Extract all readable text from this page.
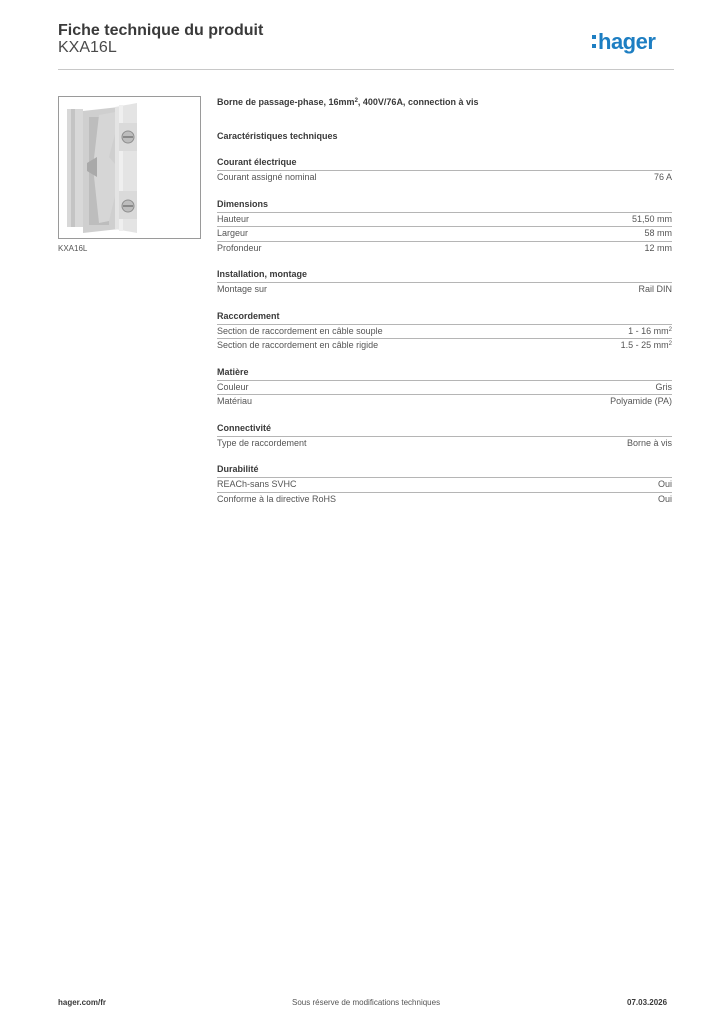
Fiche technique du produit
KXA16L	hager
KXA16L
Borne de passage-phase, $16mm^2$, 400V/76A, connection à vis
Caractéristiques techniques
Courant électrique
Courant assigné nominal	76 A
Dimensions
Hauteur	51,50 mm
Largeur	58 mm
Profondeur	12 mm
Installation, montage
Montage sur	Rail DIN
Raccordement
Section de raccordement en câble souple	1 - 16 $mm^2$
Section de raccordement en câble rigide	1.5 - 25 $mm^2$
Matière
Couleur	Gris
Matériau	Polyamide (PA)
Connectivité
Type de raccordement	Borne à vis
Durabilité
REACh-sans SVHC	Oui
Conforme à la directive RoHS	Oui
hager.com/fr	Sous réserve de modifications techniques	07.03.2026
